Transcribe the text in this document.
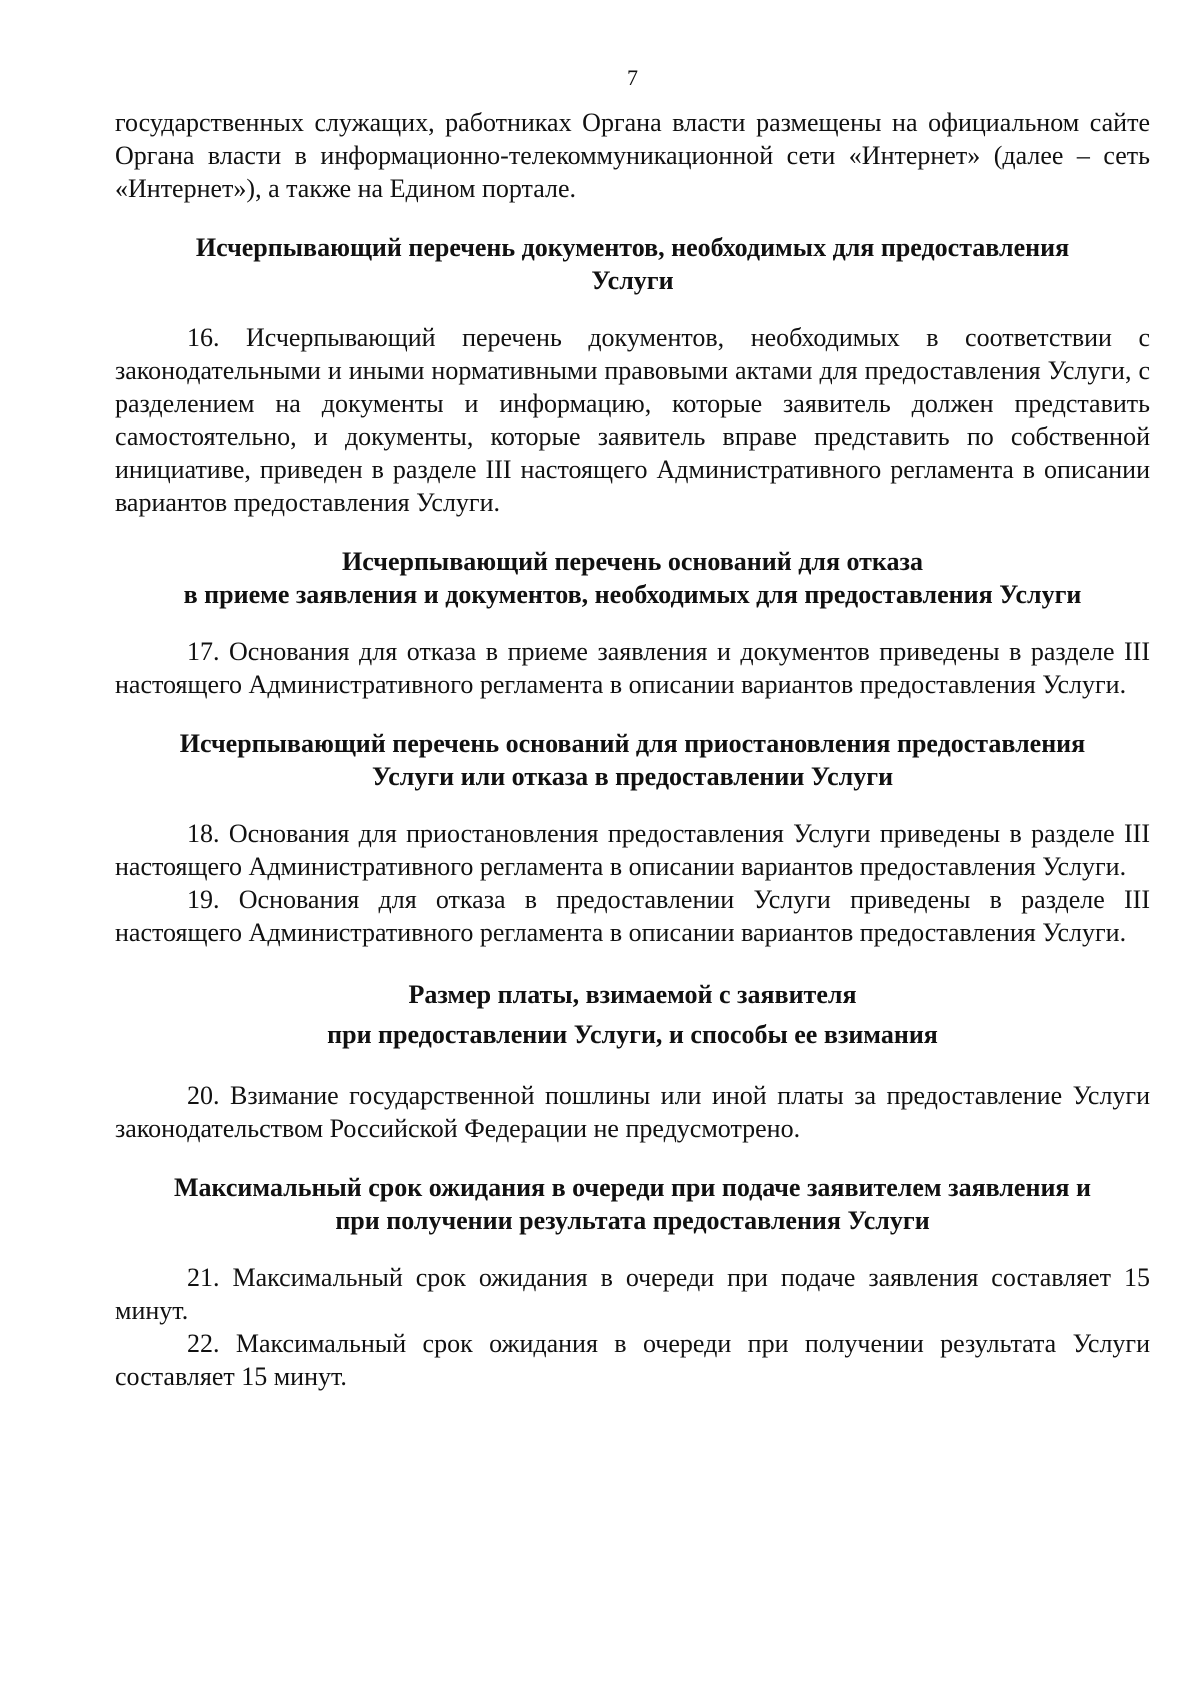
7

государственных служащих, работниках Органа власти размещены на официальном сайте Органа власти в информационно-телекоммуникационной сети «Интернет» (далее – сеть «Интернет»), а также на Едином портале.

Исчерпывающий перечень документов, необходимых для предоставления
Услуги

16. Исчерпывающий перечень документов, необходимых в соответствии с законодательными и иными нормативными правовыми актами для предоставления Услуги, с разделением на документы и информацию, которые заявитель должен представить самостоятельно, и документы, которые заявитель вправе представить по собственной инициативе, приведен в разделе III настоящего Административного регламента в описании вариантов предоставления Услуги.

Исчерпывающий перечень оснований для отказа
в приеме заявления и документов, необходимых для предоставления Услуги

17. Основания для отказа в приеме заявления и документов приведены в разделе III настоящего Административного регламента в описании вариантов предоставления Услуги.

Исчерпывающий перечень оснований для приостановления предоставления
Услуги или отказа в предоставлении Услуги

18. Основания для приостановления предоставления Услуги приведены в разделе III настоящего Административного регламента в описании вариантов предоставления Услуги.

19. Основания для отказа в предоставлении Услуги приведены в разделе III настоящего Административного регламента в описании вариантов предоставления Услуги.

Размер платы, взимаемой с заявителя
при предоставлении Услуги, и способы ее взимания

20. Взимание государственной пошлины или иной платы за предоставление Услуги законодательством Российской Федерации не предусмотрено.

Максимальный срок ожидания в очереди при подаче заявителем заявления и
при получении результата предоставления Услуги

21. Максимальный срок ожидания в очереди при подаче заявления составляет 15 минут.

22. Максимальный срок ожидания в очереди при получении результата Услуги составляет 15 минут.
